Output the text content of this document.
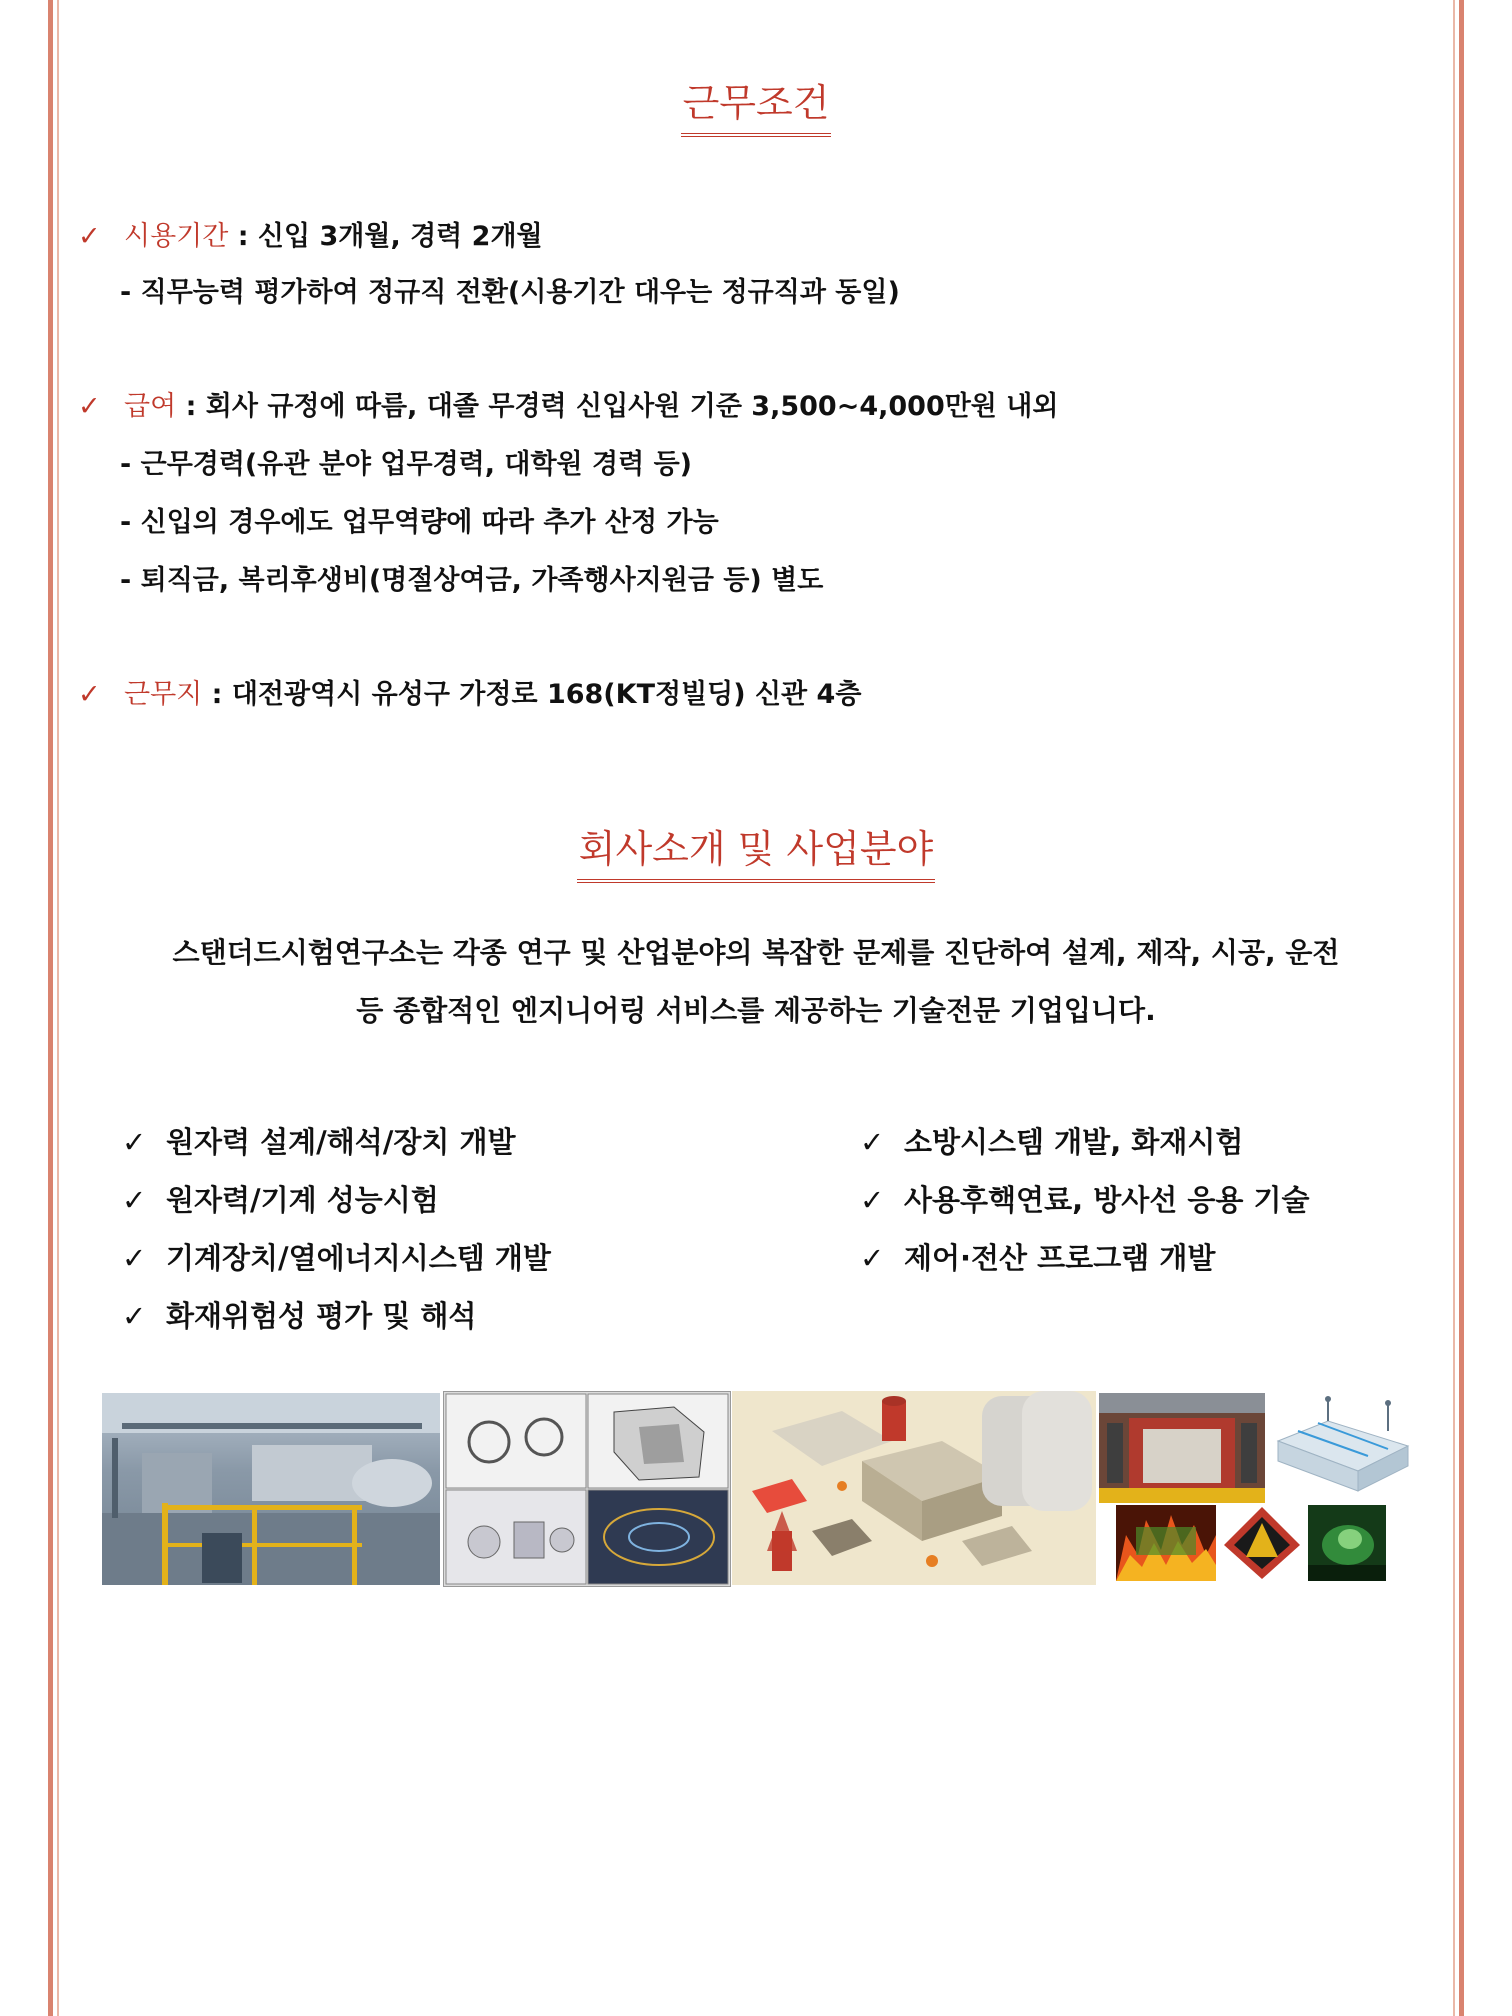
근무조건
✓ 시용기간 : 신입 3개월, 경력 2개월
- 직무능력 평가하여 정규직 전환(시용기간 대우는 정규직과 동일)
✓ 급여 : 회사 규정에 따름, 대졸 무경력 신입사원 기준 3,500~4,000만원 내외
- 근무경력(유관 분야 업무경력, 대학원 경력 등)
- 신입의 경우에도 업무역량에 따라 추가 산정 가능
- 퇴직금, 복리후생비(명절상여금, 가족행사지원금 등) 별도
✓ 근무지 : 대전광역시 유성구 가정로 168(KT정빌딩) 신관 4층
회사소개 및 사업분야
스탠더드시험연구소는 각종 연구 및 산업분야의 복잡한 문제를 진단하여 설계, 제작, 시공, 운전
등 종합적인 엔지니어링 서비스를 제공하는 기술전문 기업입니다.
✓ 원자력 설계/해석/장치 개발
✓ 원자력/기계 성능시험
✓ 기계장치/열에너지시스템 개발
✓ 화재위험성 평가 및 해석
✓ 소방시스템 개발, 화재시험
✓ 사용후핵연료, 방사선 응용 기술
✓ 제어·전산 프로그램 개발
